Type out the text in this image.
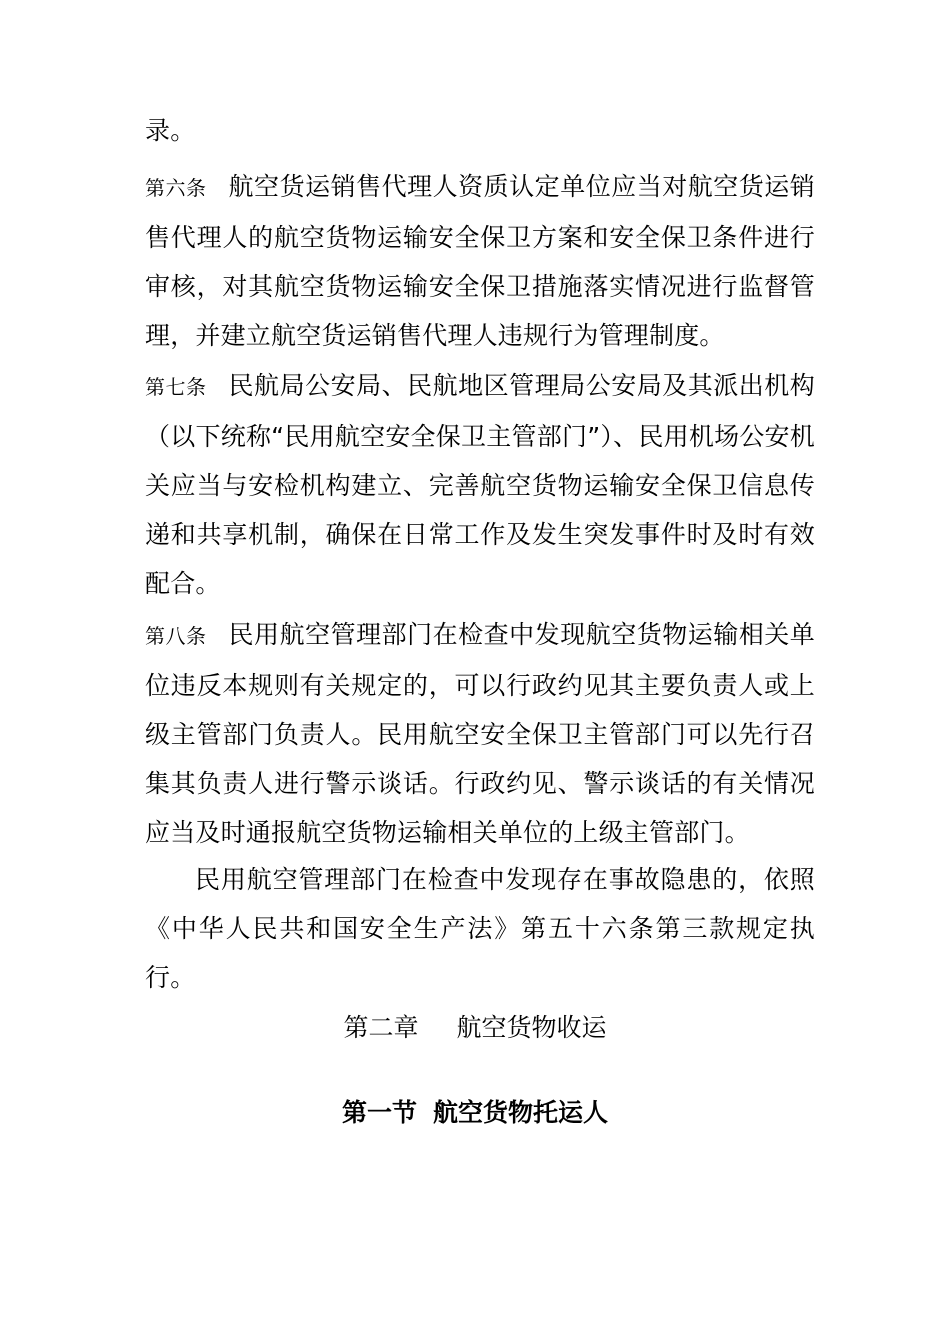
录。

第六条 航空货运销售代理人资质认定单位应当对航空货运销售代理人的航空货物运输安全保卫方案和安全保卫条件进行审核，对其航空货物运输安全保卫措施落实情况进行监督管理，并建立航空货运销售代理人违规行为管理制度。

第七条 民航局公安局、民航地区管理局公安局及其派出机构（以下统称“民用航空安全保卫主管部门”）、民用机场公安机关应当与安检机构建立、完善航空货物运输安全保卫信息传递和共享机制，确保在日常工作及发生突发事件时及时有效配合。

第八条 民用航空管理部门在检查中发现航空货物运输相关单位违反本规则有关规定的，可以行政约见其主要负责人或上级主管部门负责人。民用航空安全保卫主管部门可以先行召集其负责人进行警示谈话。行政约见、警示谈话的有关情况应当及时通报航空货物运输相关单位的上级主管部门。

民用航空管理部门在检查中发现存在事故隐患的，依照《中华人民共和国安全生产法》第五十六条第三款规定执行。

第二章 航空货物收运
第一节 航空货物托运人
